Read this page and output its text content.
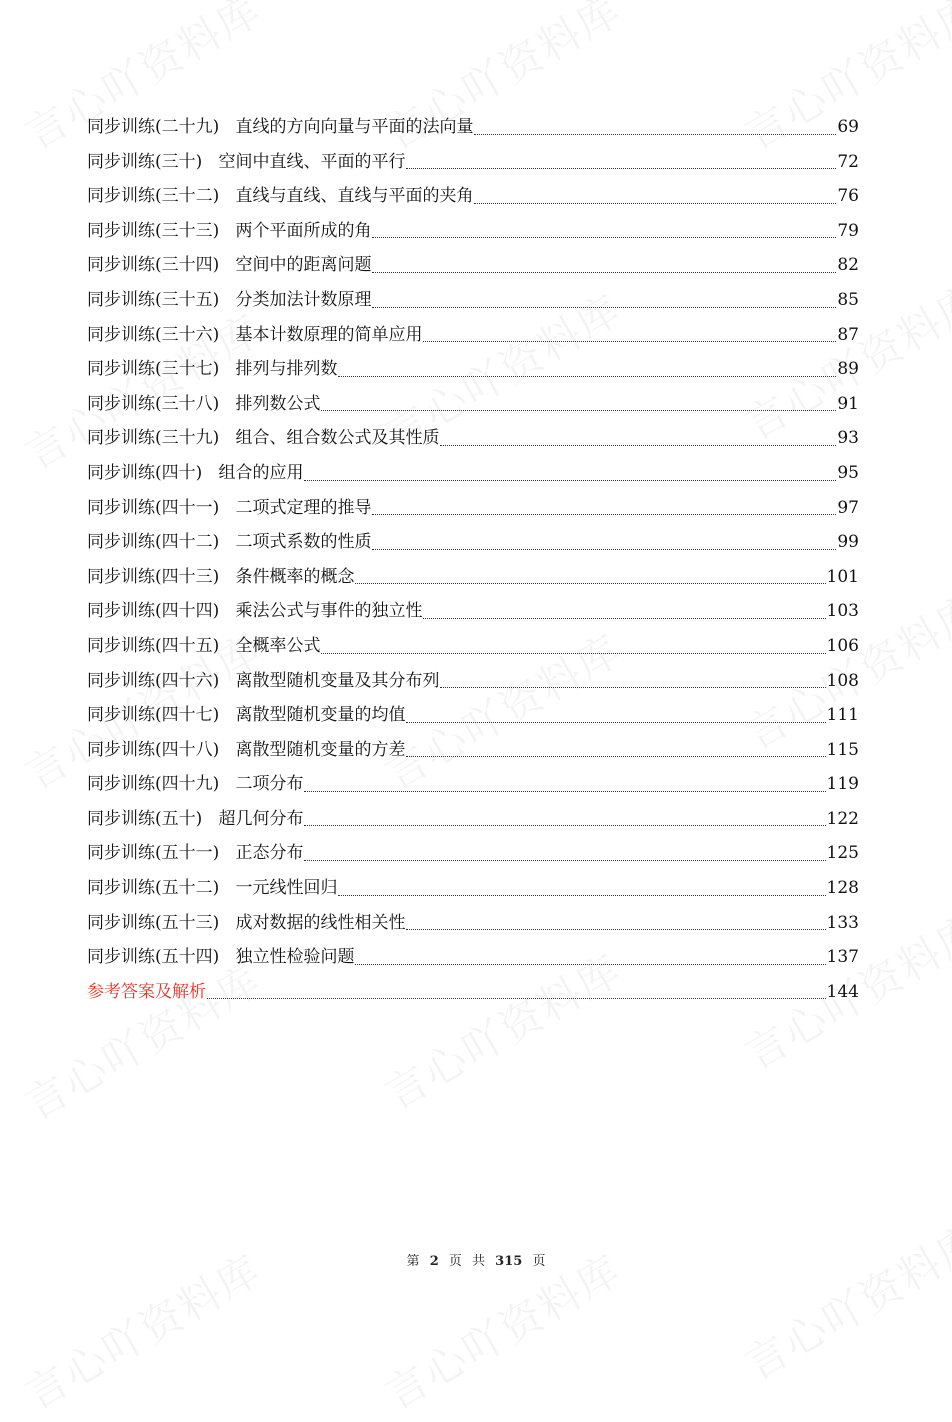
同步训练(二十九)   直线的方向向量与平面的法向量	69
同步训练(三十)   空间中直线、平面的平行	72
同步训练(三十二)   直线与直线、直线与平面的夹角	76
同步训练(三十三)   两个平面所成的角	79
同步训练(三十四)   空间中的距离问题	82
同步训练(三十五)   分类加法计数原理	85
同步训练(三十六)   基本计数原理的简单应用	87
同步训练(三十七)   排列与排列数	89
同步训练(三十八)   排列数公式	91
同步训练(三十九)   组合、组合数公式及其性质	93
同步训练(四十)   组合的应用	95
同步训练(四十一)   二项式定理的推导	97
同步训练(四十二)   二项式系数的性质	99
同步训练(四十三)   条件概率的概念	101
同步训练(四十四)   乘法公式与事件的独立性	103
同步训练(四十五)   全概率公式	106
同步训练(四十六)   离散型随机变量及其分布列	108
同步训练(四十七)   离散型随机变量的均值	111
同步训练(四十八)   离散型随机变量的方差	115
同步训练(四十九)   二项分布	119
同步训练(五十)   超几何分布	122
同步训练(五十一)   正态分布	125
同步训练(五十二)   一元线性回归	128
同步训练(五十三)   成对数据的线性相关性	133
同步训练(五十四)   独立性检验问题	137
参考答案及解析	144
第 2 页 共 315 页
